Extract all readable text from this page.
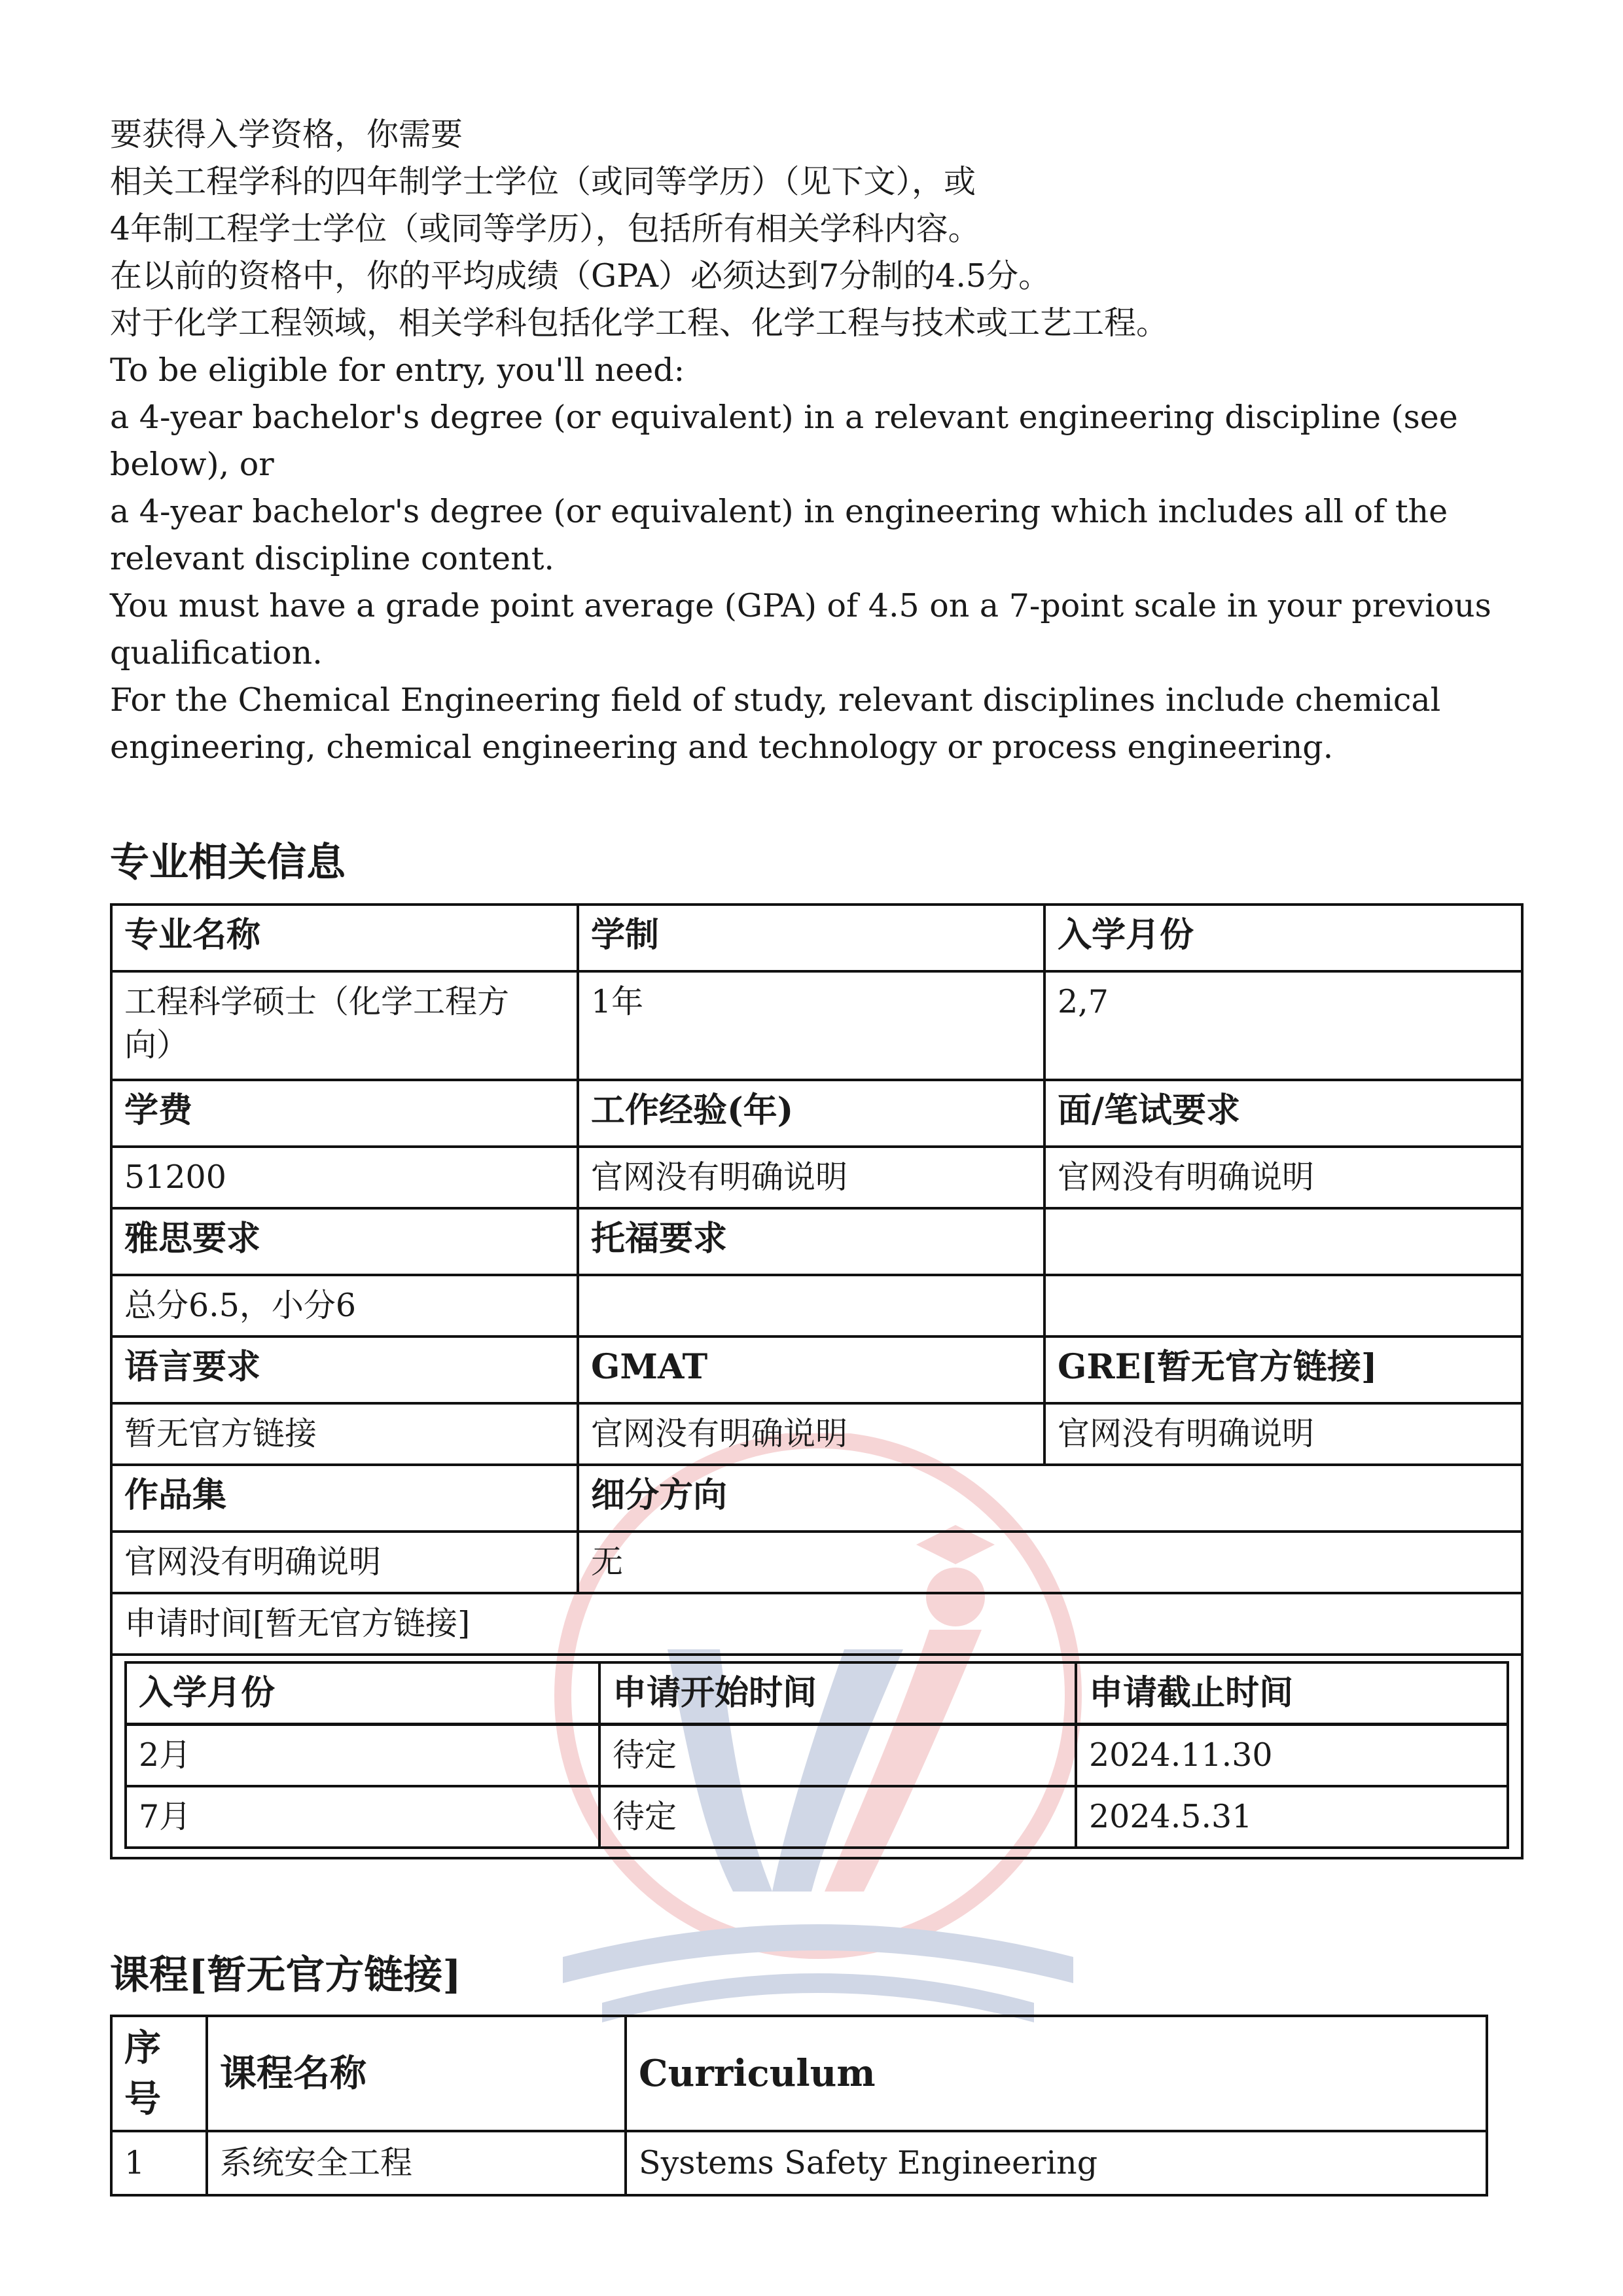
要获得入学资格，你需要
相关工程学科的四年制学士学位（或同等学历）（见下文），或
4年制工程学士学位（或同等学历），包括所有相关学科内容。
在以前的资格中，你的平均成绩（GPA）必须达到7分制的4.5分。
对于化学工程领域，相关学科包括化学工程、化学工程与技术或工艺工程。
To be eligible for entry, you'll need:
a 4-year bachelor's degree (or equivalent) in a relevant engineering discipline (see below), or
a 4-year bachelor's degree (or equivalent) in engineering which includes all of the relevant discipline content.
You must have a grade point average (GPA) of 4.5 on a 7-point scale in your previous qualification.
For the Chemical Engineering field of study, relevant disciplines include chemical engineering, chemical engineering and technology or process engineering.
专业相关信息
专业名称	学制	入学月份
工程科学硕士（化学工程方向）	1年	2,7
学费	工作经验(年)	面/笔试要求
51200	官网没有明确说明	官网没有明确说明
雅思要求	托福要求	
总分6.5，小分6		
语言要求	GMAT	GRE[暂无官方链接]
暂无官方链接	官网没有明确说明	官网没有明确说明
作品集	细分方向
官网没有明确说明	无
申请时间[暂无官方链接]

入学月份	申请开始时间	申请截止时间
2月	待定	2024.11.30
7月	待定	2024.5.31
课程[暂无官方链接]
序号	课程名称	Curriculum
1	系统安全工程	Systems Safety Engineering
